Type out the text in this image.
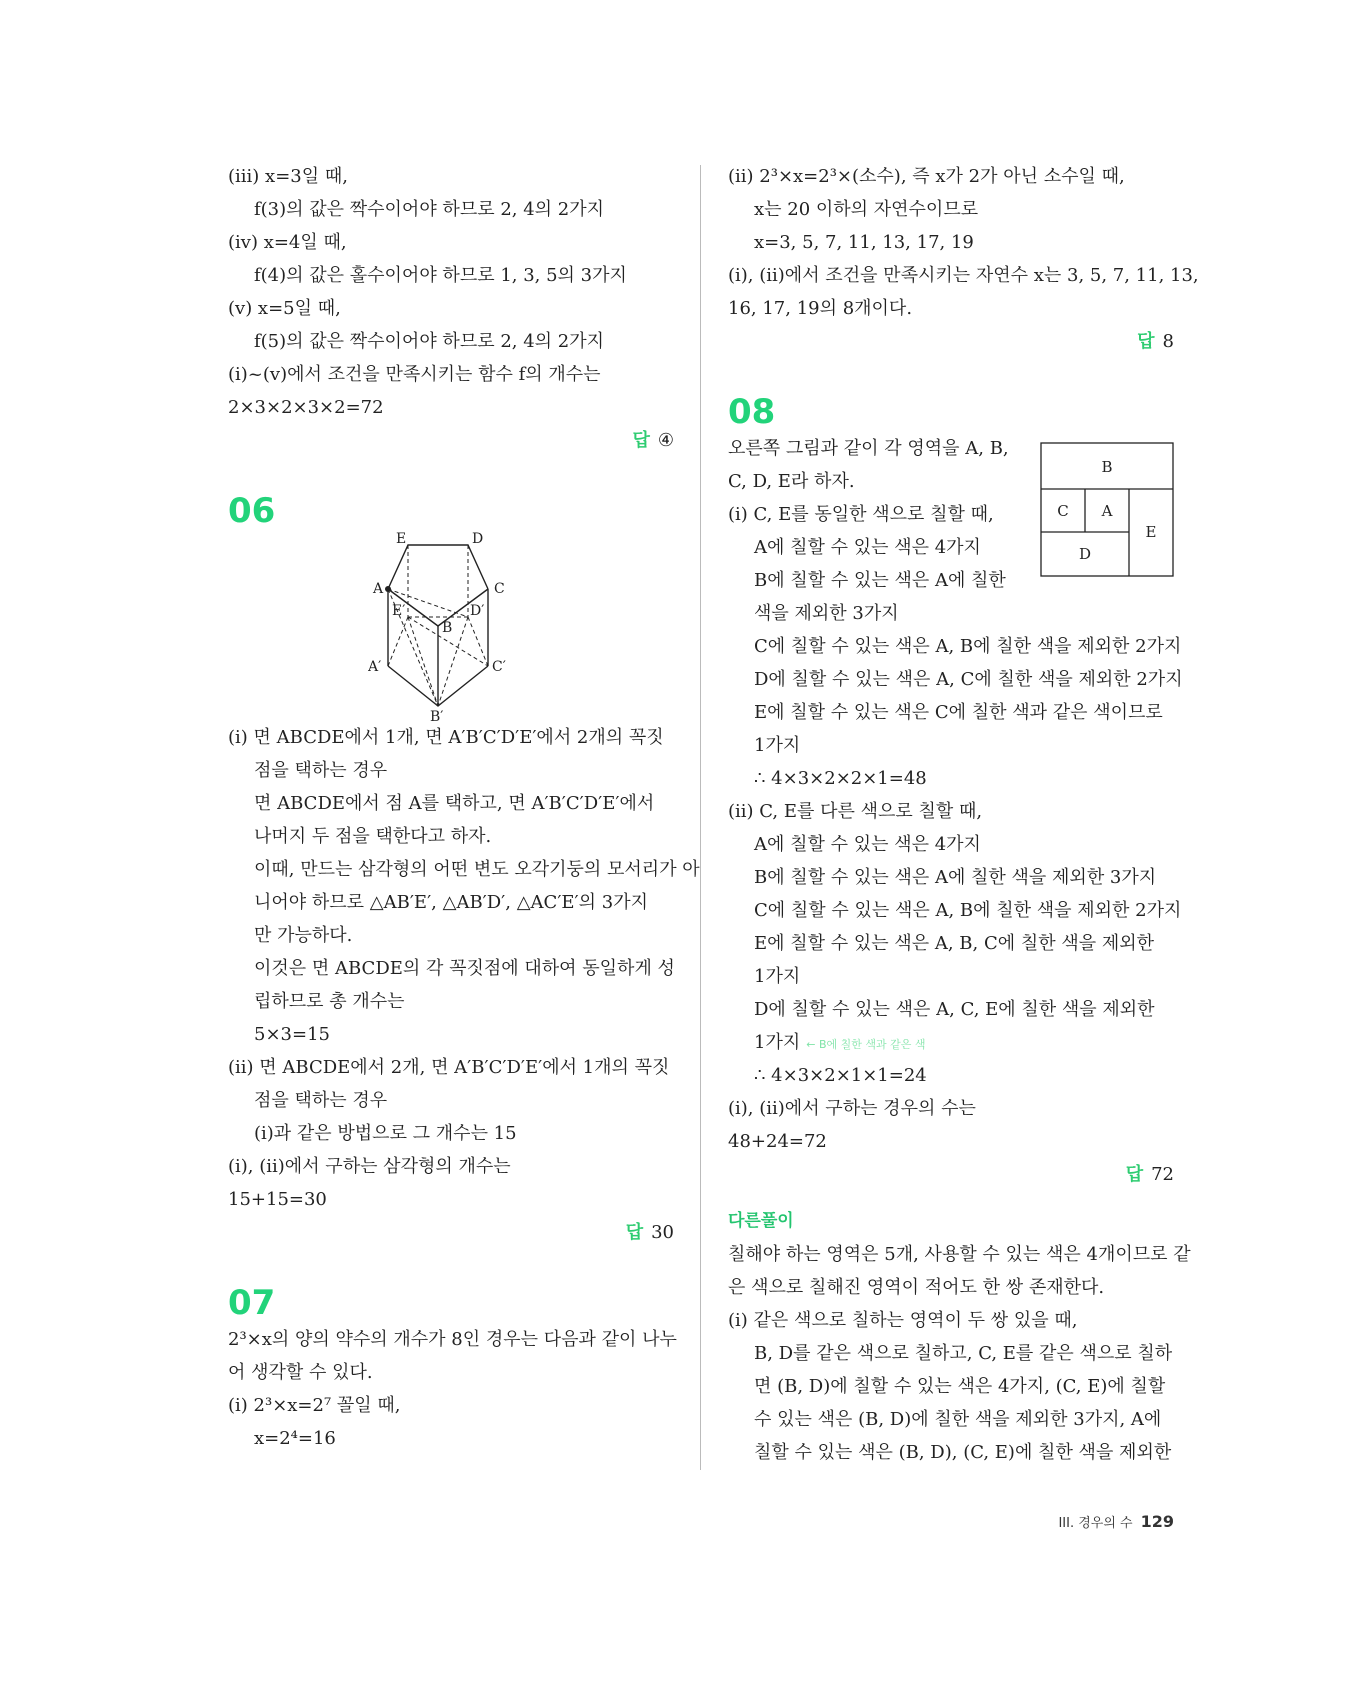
(iii) x=3일 때,
f(3)의 값은 짝수이어야 하므로 2, 4의 2가지
(iv) x=4일 때,
f(4)의 값은 홀수이어야 하므로 1, 3, 5의 3가지
(v) x=5일 때,
f(5)의 값은 짝수이어야 하므로 2, 4의 2가지
(i)~(v)에서 조건을 만족시키는 함수 f의 개수는
2×3×2×3×2=72
답 ④
06
E	D
A	C
E′	D′
B
A′	C′
B′
(i) 면 ABCDE에서 1개, 면 A′B′C′D′E′에서 2개의 꼭짓
점을 택하는 경우
면 ABCDE에서 점 A를 택하고, 면 A′B′C′D′E′에서
나머지 두 점을 택한다고 하자.
이때, 만드는 삼각형의 어떤 변도 오각기둥의 모서리가 아
니어야 하므로 △AB′E′, △AB′D′, △AC′E′의 3가지
만 가능하다.
이것은 면 ABCDE의 각 꼭짓점에 대하여 동일하게 성
립하므로 총 개수는
5×3=15
(ii) 면 ABCDE에서 2개, 면 A′B′C′D′E′에서 1개의 꼭짓
점을 택하는 경우
(i)과 같은 방법으로 그 개수는 15
(i), (ii)에서 구하는 삼각형의 개수는
15+15=30
답 30
07
2³×x의 양의 약수의 개수가 8인 경우는 다음과 같이 나누
어 생각할 수 있다.
(i) 2³×x=2⁷ 꼴일 때,
x=2⁴=16
(ii) 2³×x=2³×(소수), 즉 x가 2가 아닌 소수일 때,
x는 20 이하의 자연수이므로
x=3, 5, 7, 11, 13, 17, 19
(i), (ii)에서 조건을 만족시키는 자연수 x는 3, 5, 7, 11, 13,
16, 17, 19의 8개이다.
답 8
08
오른쪽 그림과 같이 각 영역을 A, B,
C, D, E라 하자.
(i) C, E를 동일한 색으로 칠할 때,
A에 칠할 수 있는 색은 4가지
B에 칠할 수 있는 색은 A에 칠한
색을 제외한 3가지
C에 칠할 수 있는 색은 A, B에 칠한 색을 제외한 2가지
D에 칠할 수 있는 색은 A, C에 칠한 색을 제외한 2가지
E에 칠할 수 있는 색은 C에 칠한 색과 같은 색이므로
1가지
∴ 4×3×2×2×1=48
(ii) C, E를 다른 색으로 칠할 때,
A에 칠할 수 있는 색은 4가지
B에 칠할 수 있는 색은 A에 칠한 색을 제외한 3가지
C에 칠할 수 있는 색은 A, B에 칠한 색을 제외한 2가지
E에 칠할 수 있는 색은 A, B, C에 칠한 색을 제외한
1가지
D에 칠할 수 있는 색은 A, C, E에 칠한 색을 제외한
1가지 ← B에 칠한 색과 같은 색
∴ 4×3×2×1×1=24
(i), (ii)에서 구하는 경우의 수는
48+24=72
답 72
다른풀이
칠해야 하는 영역은 5개, 사용할 수 있는 색은 4개이므로 같
은 색으로 칠해진 영역이 적어도 한 쌍 존재한다.
(i) 같은 색으로 칠하는 영역이 두 쌍 있을 때,
B, D를 같은 색으로 칠하고, C, E를 같은 색으로 칠하
면 (B, D)에 칠할 수 있는 색은 4가지, (C, E)에 칠할
수 있는 색은 (B, D)에 칠한 색을 제외한 3가지, A에
칠할 수 있는 색은 (B, D), (C, E)에 칠한 색을 제외한
B
C A
D
E
III. 경우의 수 129
